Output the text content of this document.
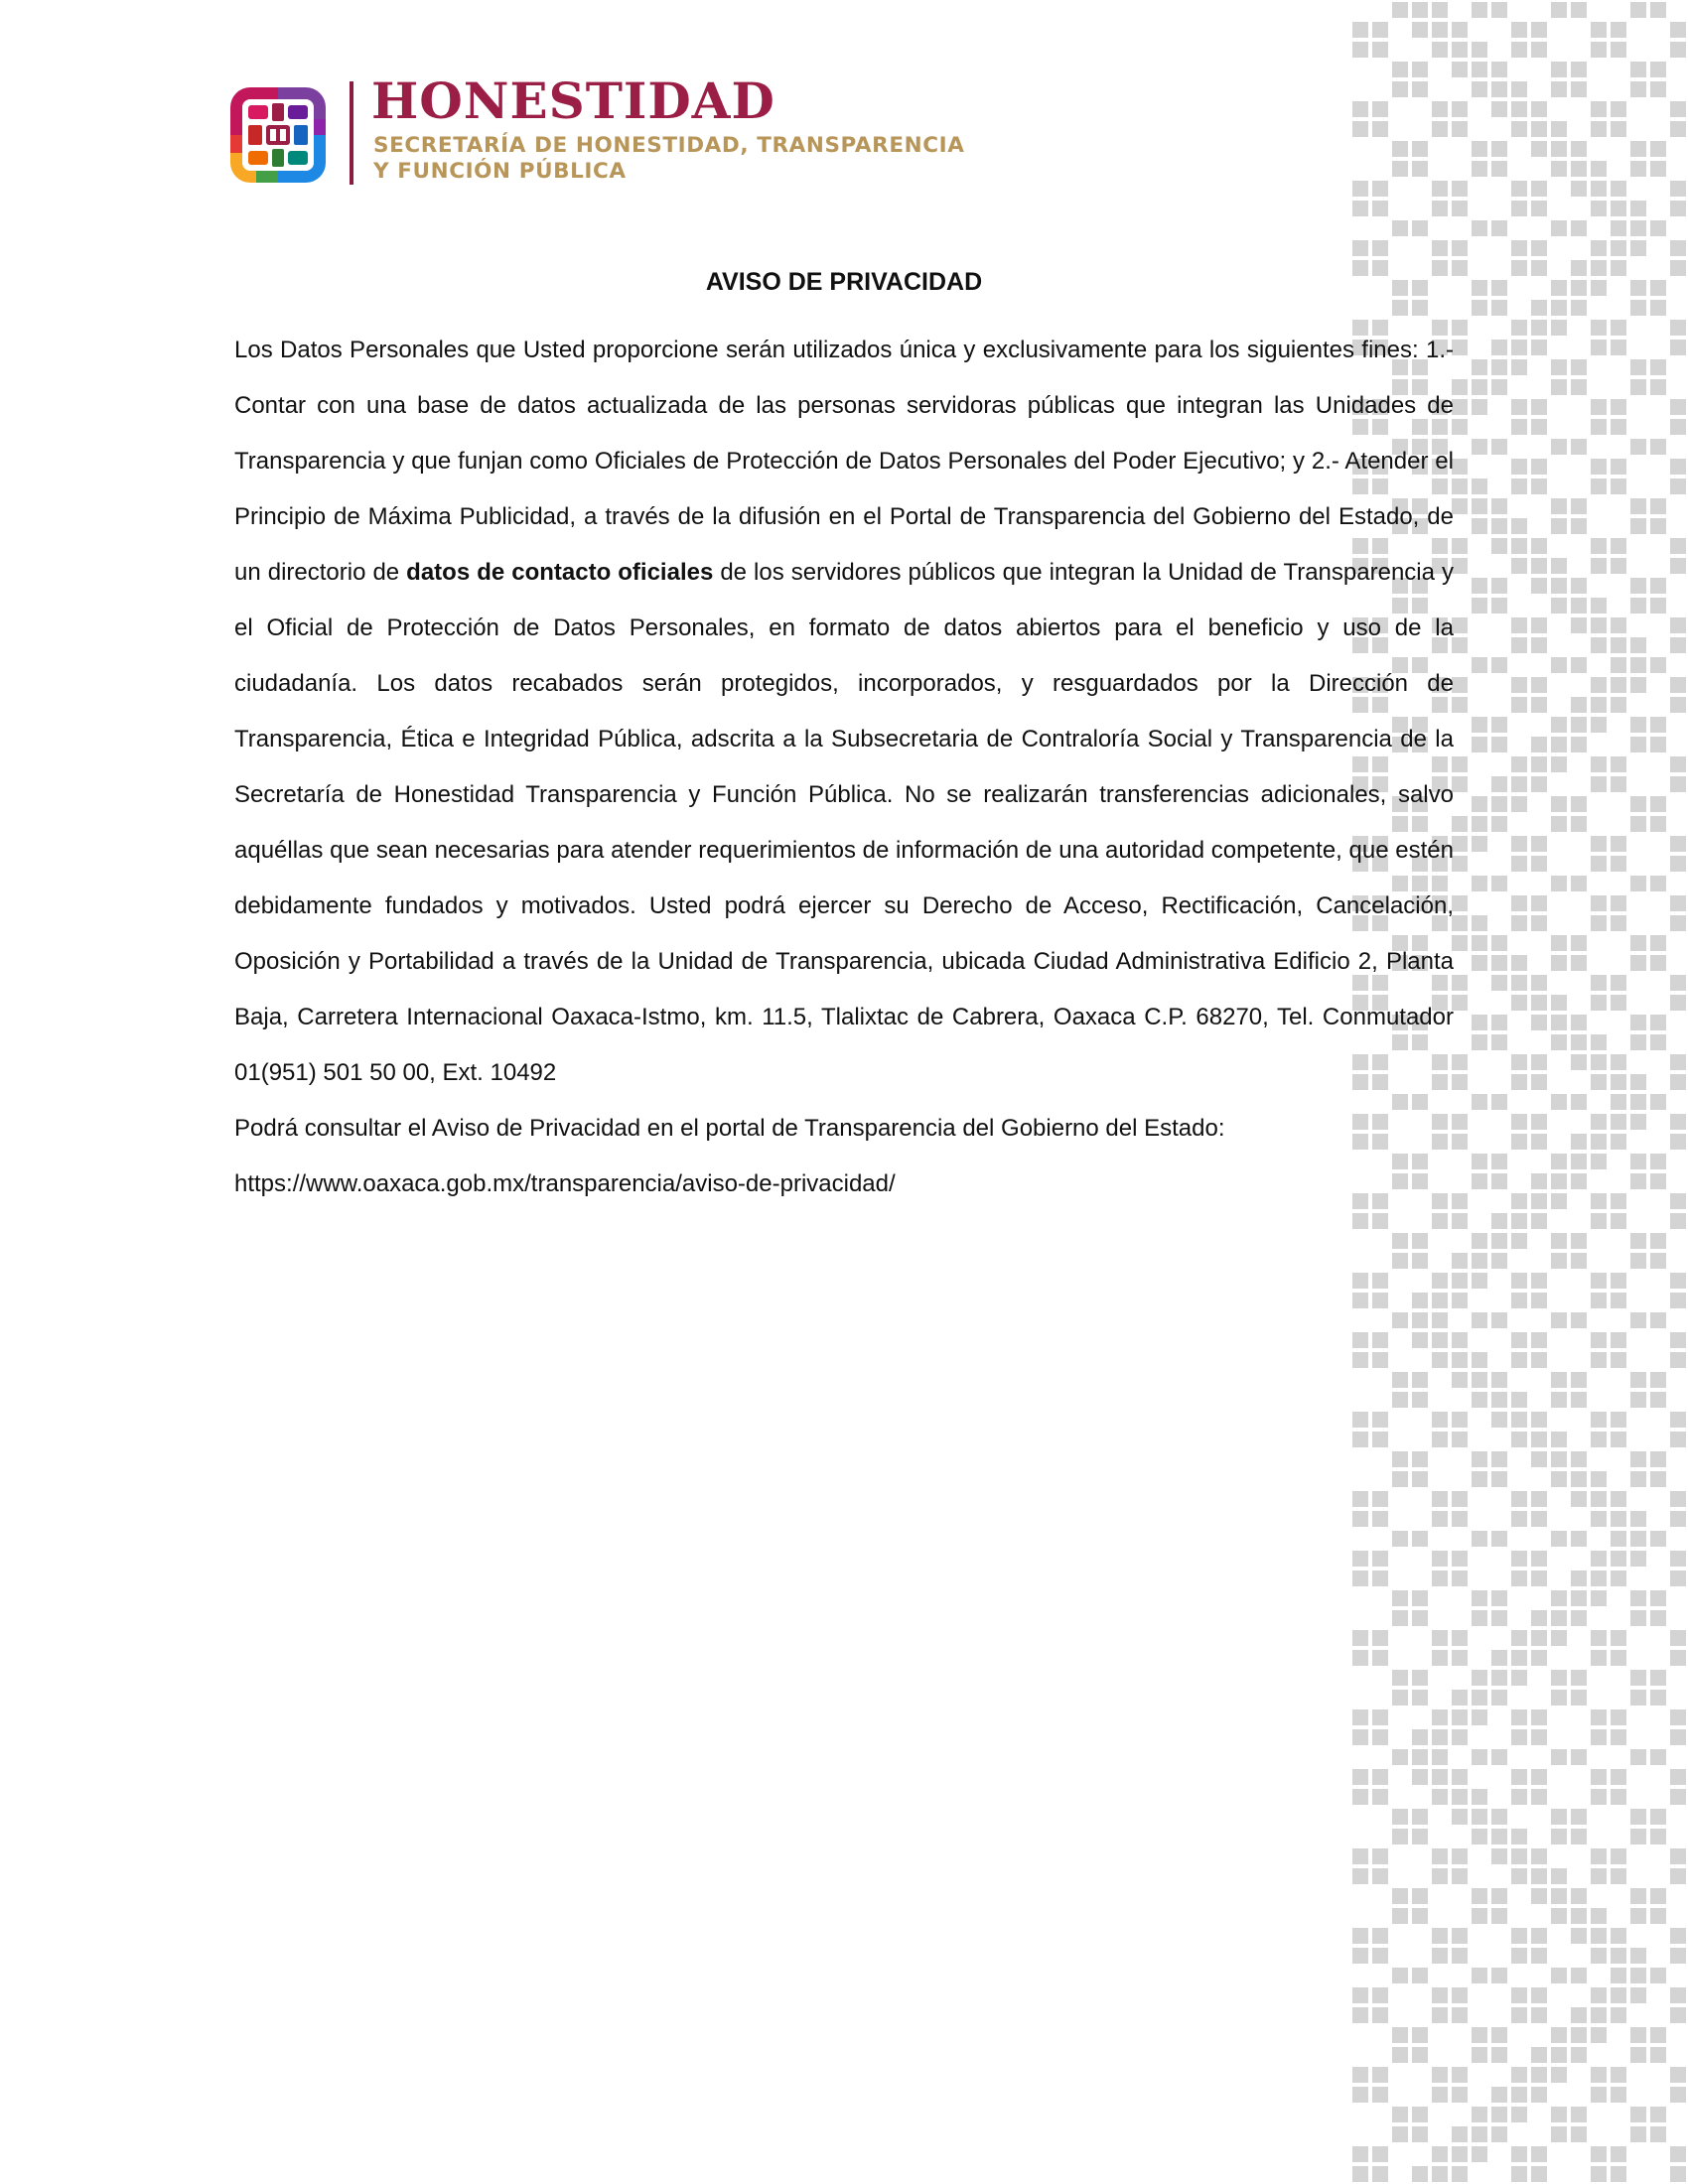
HONESTIDAD
SECRETARÍA DE HONESTIDAD, TRANSPARENCIA
Y FUNCIÓN PÚBLICA
AVISO DE PRIVACIDAD

Los Datos Personales que Usted proporcione serán utilizados única y exclusivamente para los siguientes fines: 1.- Contar con una base de datos actualizada de las personas servidoras públicas que integran las Unidades de Transparencia y que funjan como Oficiales de Protección de Datos Personales del Poder Ejecutivo; y 2.- Atender el Principio de Máxima Publicidad, a través de la difusión en el Portal de Transparencia del Gobierno del Estado, de un directorio de datos de contacto oficiales de los servidores públicos que integran la Unidad de Transparencia y el Oficial de Protección de Datos Personales, en formato de datos abiertos para el beneficio y uso de la ciudadanía. Los datos recabados serán protegidos, incorporados, y resguardados por la Dirección de Transparencia, Ética e Integridad Pública, adscrita a la Subsecretaria de Contraloría Social y Transparencia de la Secretaría de Honestidad Transparencia y Función Pública. No se realizarán transferencias adicionales, salvo aquéllas que sean necesarias para atender requerimientos de información de una autoridad competente, que estén debidamente fundados y motivados. Usted podrá ejercer su Derecho de Acceso, Rectificación, Cancelación, Oposición y Portabilidad a través de la Unidad de Transparencia, ubicada Ciudad Administrativa Edificio 2, Planta Baja, Carretera Internacional Oaxaca-Istmo, km. 11.5, Tlalixtac de Cabrera, Oaxaca C.P. 68270, Tel. Conmutador 01(951) 501 50 00, Ext. 10492

Podrá consultar el Aviso de Privacidad en el portal de Transparencia del Gobierno del Estado:
https://www.oaxaca.gob.mx/transparencia/aviso-de-privacidad/
